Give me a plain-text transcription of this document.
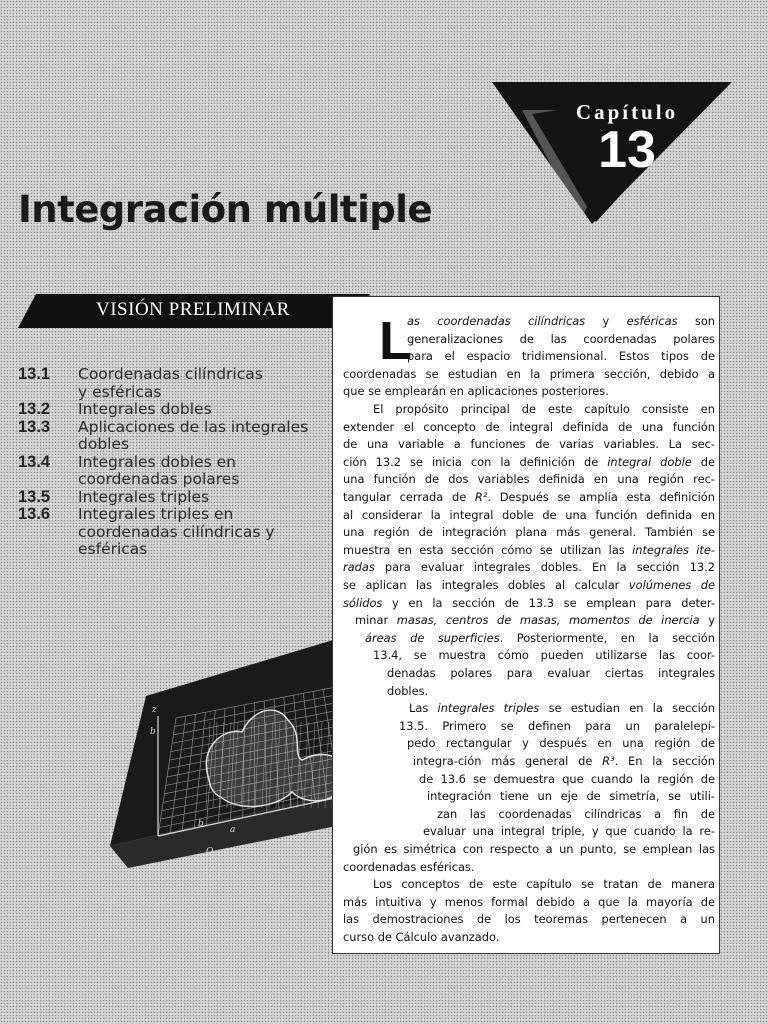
Capítulo
13
Integración múltiple
VISIÓN PRELIMINAR
13.1	Coordenadas cilíndricas
y esféricas
13.2	Integrales dobles
13.3	Aplicaciones de las integrales
dobles
13.4	Integrales dobles en
coordenadas polares
13.5	Integrales triples
13.6	Integrales triples en
coordenadas cilíndricas y
esféricas
z
b
a
b
O
L

as coordenadas cilíndricas y esféricas son

generalizaciones de las coordenadas polares

para el espacio tridimensional. Estos tipos de

coordenadas se estudian en la primera sección, debido a

que se emplearán en aplicaciones posteriores.

El propósito principal de este capítulo consiste en

extender el concepto de integral definida de una función

de una variable a funciones de varias variables. La sec-

ción 13.2 se inicia con la definición de integral doble de

una función de dos variables definida en una región rec-

tangular cerrada de R². Después se amplía esta definición

al considerar la integral doble de una función definida en

una región de integración plana más general. También se

muestra en esta sección cómo se utilizan las integrales ite-

radas para evaluar integrales dobles. En la sección 13.2

se aplican las integrales dobles al calcular volúmenes de

sólidos y en la sección de 13.3 se emplean para deter-

minar masas, centros de masas, momentos de inercia y

áreas de superficies. Posteriormente, en la sección

13.4, se muestra cómo pueden utilizarse las coor-

denadas polares para evaluar ciertas integrales

dobles.

Las integrales triples se estudian en la sección

13.5. Primero se definen para un paralelepí-

pedo rectangular y después en una región de

integra-ción más general de R³. En la sección

de 13.6 se demuestra que cuando la región de

integración tiene un eje de simetría, se utili-

zan las coordenadas cilíndricas a fin de

evaluar una integral triple, y que cuando la re-

gión es simétrica con respecto a un punto, se emplean las

coordenadas esféricas.

Los conceptos de este capítulo se tratan de manera

más intuitiva y menos formal debido a que la mayoría de

las demostraciones de los teoremas pertenecen a un

curso de Cálculo avanzado.
